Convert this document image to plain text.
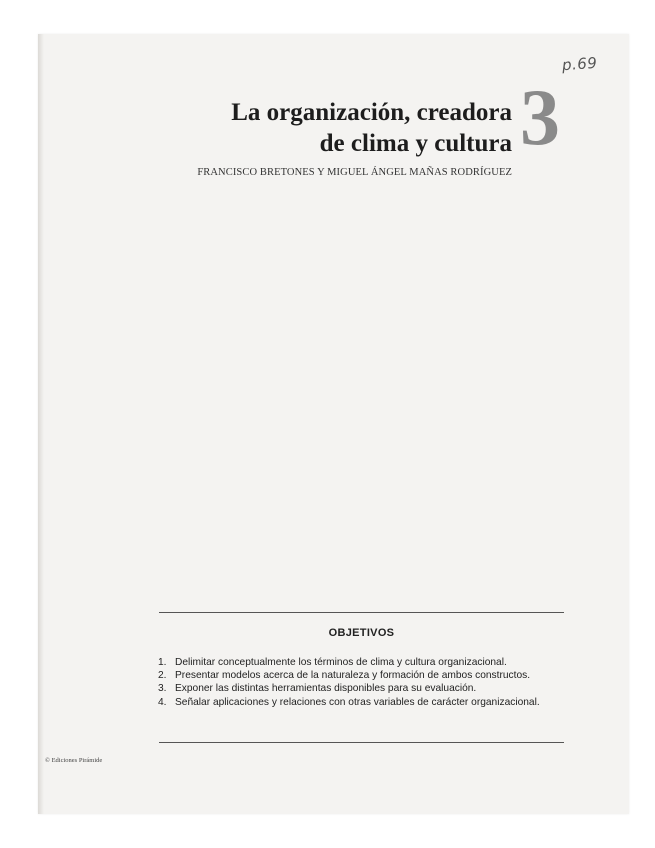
p.69
La organización, creadora
de clima y cultura 3
FRANCISCO BRETONES Y MIGUEL ÁNGEL MAÑAS RODRÍGUEZ
OBJETIVOS
1. Delimitar conceptualmente los términos de clima y cultura organizacional.
2. Presentar modelos acerca de la naturaleza y formación de ambos constructos.
3. Exponer las distintas herramientas disponibles para su evaluación.
4. Señalar aplicaciones y relaciones con otras variables de carácter organizacional.
© Ediciones Pirámide
